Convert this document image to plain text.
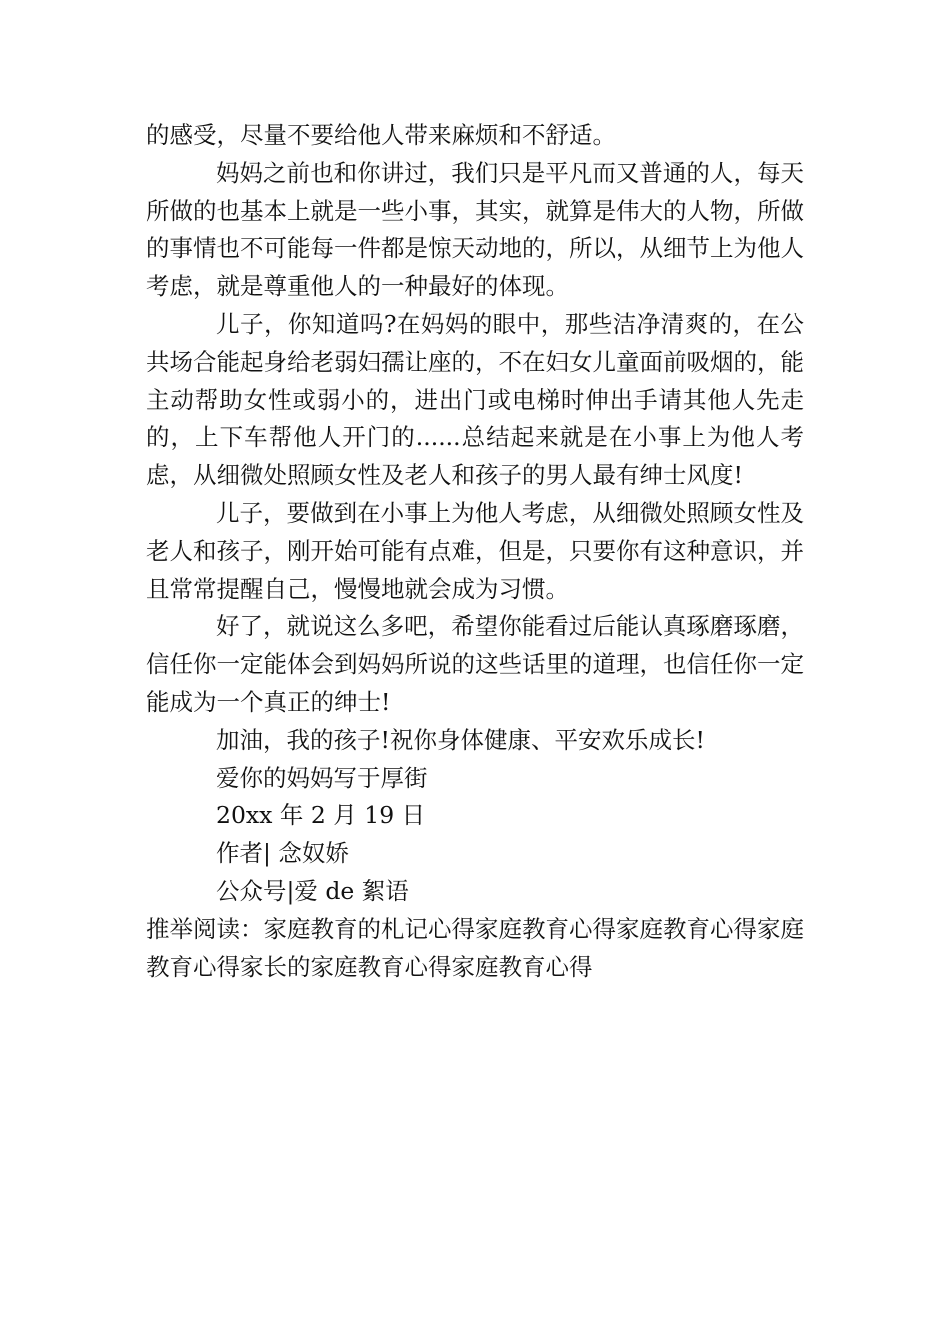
的感受，尽量不要给他人带来麻烦和不舒适。

妈妈之前也和你讲过，我们只是平凡而又普通的人，每天所做的也基本上就是一些小事，其实，就算是伟大的人物，所做的事情也不可能每一件都是惊天动地的，所以，从细节上为他人考虑，就是尊重他人的一种最好的体现。

儿子，你知道吗?在妈妈的眼中，那些洁净清爽的，在公共场合能起身给老弱妇孺让座的，不在妇女儿童面前吸烟的，能主动帮助女性或弱小的，进出门或电梯时伸出手请其他人先走的，上下车帮他人开门的......总结起来就是在小事上为他人考虑，从细微处照顾女性及老人和孩子的男人最有绅士风度!

儿子，要做到在小事上为他人考虑，从细微处照顾女性及老人和孩子，刚开始可能有点难，但是，只要你有这种意识，并且常常提醒自己，慢慢地就会成为习惯。

好了，就说这么多吧，希望你能看过后能认真琢磨琢磨，信任你一定能体会到妈妈所说的这些话里的道理，也信任你一定能成为一个真正的绅士!

加油，我的孩子!祝你身体健康、平安欢乐成长!

爱你的妈妈写于厚街

20xx 年 2 月 19 日

作者| 念奴娇

公众号|爱 de 絮语

推举阅读：家庭教育的札记心得家庭教育心得家庭教育心得家庭教育心得家长的家庭教育心得家庭教育心得
